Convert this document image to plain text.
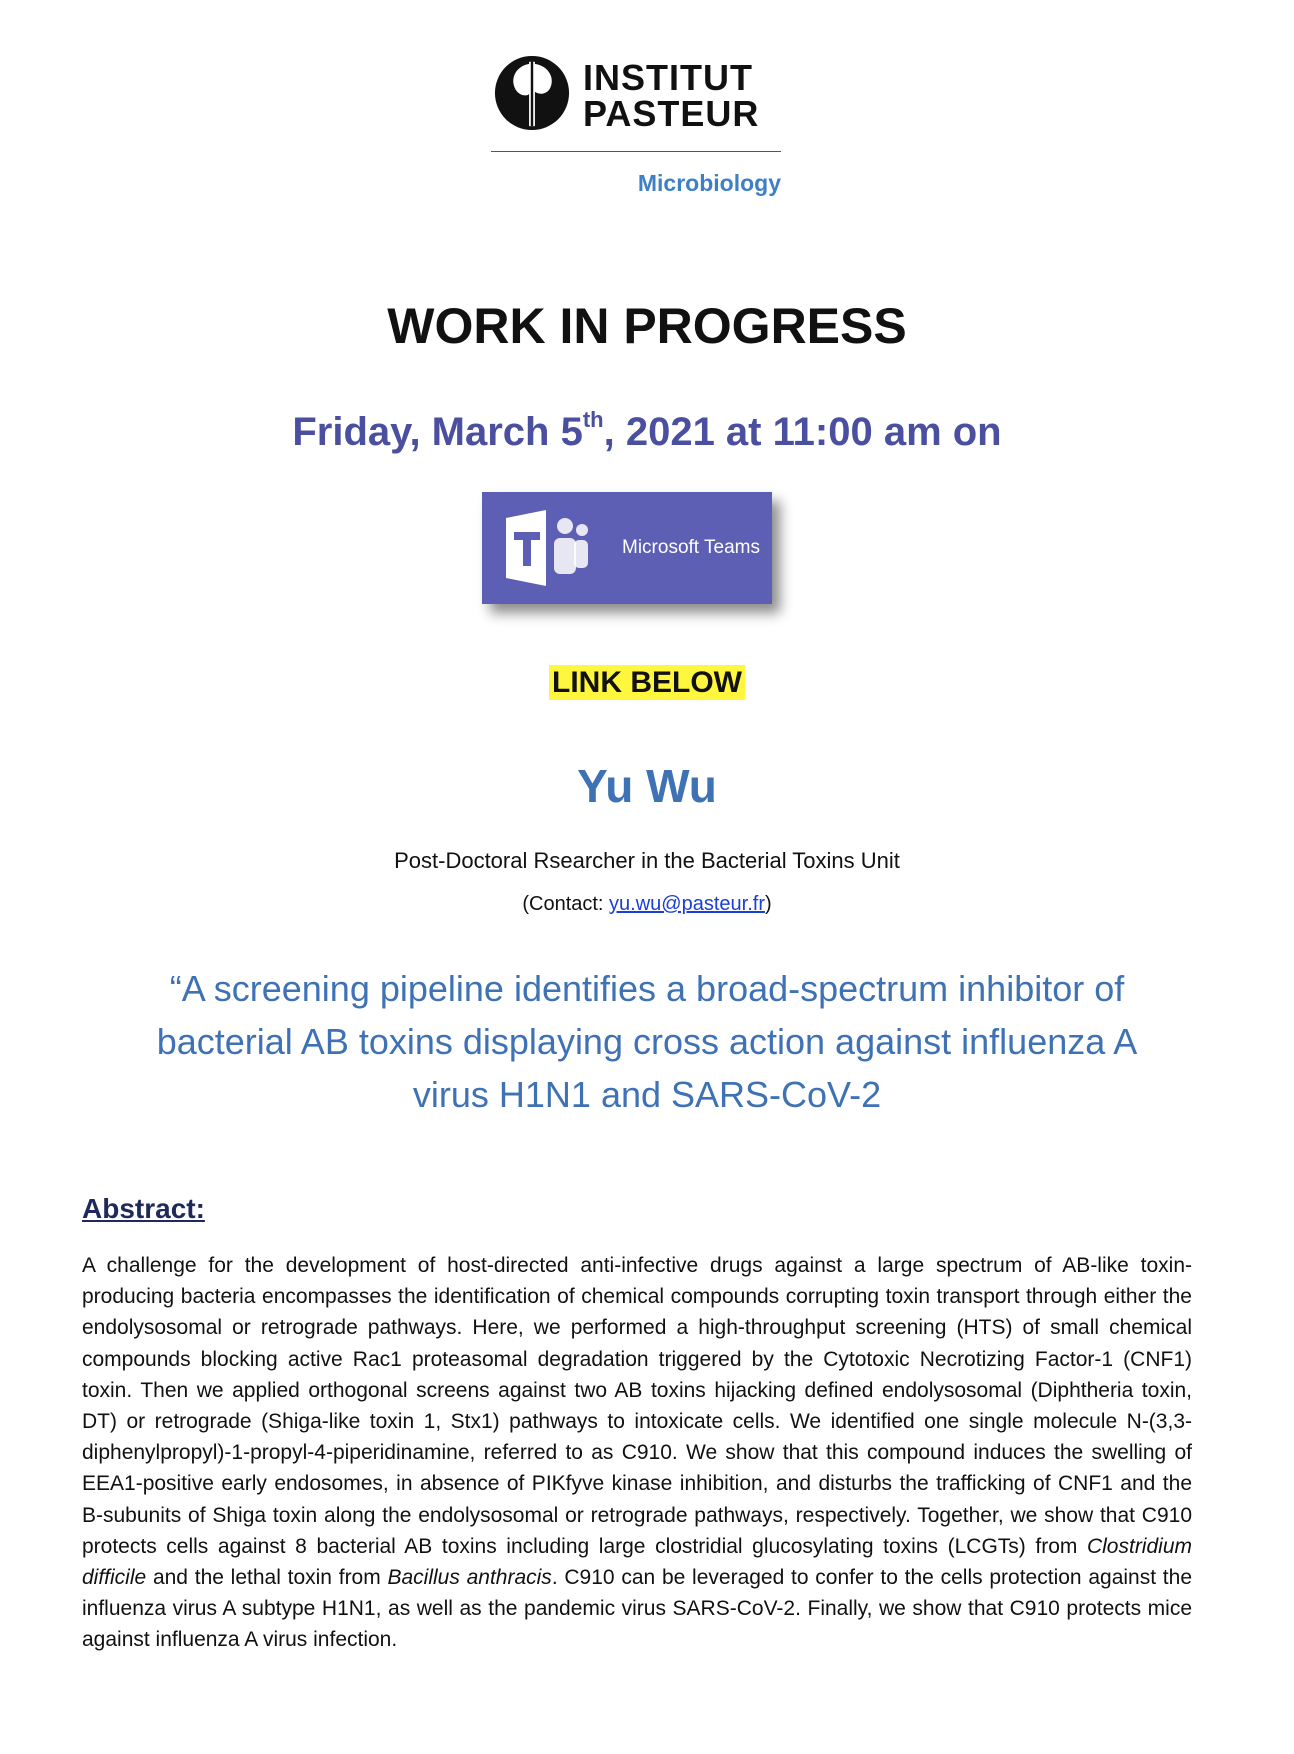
INSTITUT
PASTEUR
Microbiology
WORK IN PROGRESS
Friday, March 5th, 2021 at 11:00 am on
Microsoft Teams
LINK BELOW
Yu Wu
Post-Doctoral Rsearcher in the Bacterial Toxins Unit
(Contact: yu.wu@pasteur.fr)
“A screening pipeline identifies a broad-spectrum inhibitor of
bacterial AB toxins displaying cross action against influenza A
virus H1N1 and SARS-CoV-2
Abstract:

A challenge for the development of host-directed anti-infective drugs against a large spectrum of AB-like toxin-producing bacteria encompasses the identification of chemical compounds corrupting toxin transport through either the endolysosomal or retrograde pathways. Here, we performed a high-throughput screening (HTS) of small chemical compounds blocking active Rac1 proteasomal degradation triggered by the Cytotoxic Necrotizing Factor-1 (CNF1) toxin. Then we applied orthogonal screens against two AB toxins hijacking defined endolysosomal (Diphtheria toxin, DT) or retrograde (Shiga-like toxin 1, Stx1) pathways to intoxicate cells. We identified one single molecule N-(3,3-diphenylpropyl)-1-propyl-4-piperidinamine, referred to as C910. We show that this compound induces the swelling of EEA1-positive early endosomes, in absence of PIKfyve kinase inhibition, and disturbs the trafficking of CNF1 and the B-subunits of Shiga toxin along the endolysosomal or retrograde pathways, respectively. Together, we show that C910 protects cells against 8 bacterial AB toxins including large clostridial glucosylating toxins (LCGTs) from Clostridium difficile and the lethal toxin from Bacillus anthracis. C910 can be leveraged to confer to the cells protection against the influenza virus A subtype H1N1, as well as the pandemic virus SARS-CoV-2. Finally, we show that C910 protects mice against influenza A virus infection.
